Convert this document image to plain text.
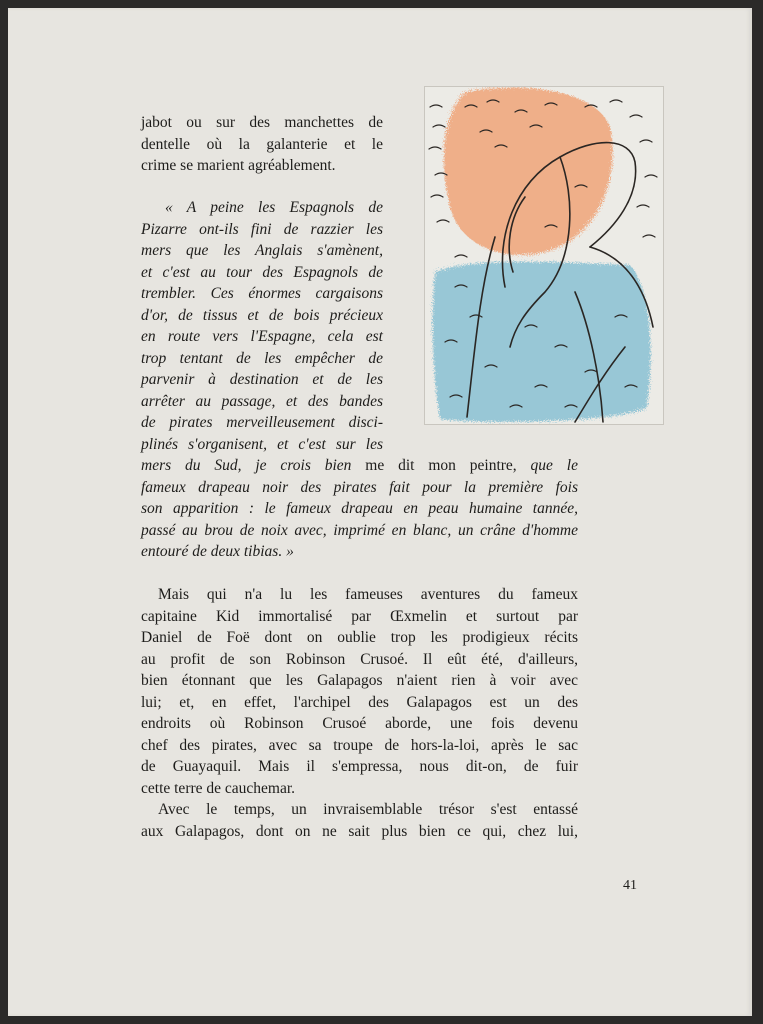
jabot ou sur des manchettes de
dentelle où la galanterie et le
crime se marient agréablement.
« A peine les Espagnols de
Pizarre ont-ils fini de razzier les
mers que les Anglais s'amènent,
et c'est au tour des Espagnols de
trembler. Ces énormes cargaisons
d'or, de tissus et de bois précieux
en route vers l'Espagne, cela est
trop tentant de les empêcher de
parvenir à destination et de les
arrêter au passage, et des bandes
de pirates merveilleusement disci-
plinés s'organisent, et c'est sur les
mers du Sud, je crois bien me dit mon peintre, que le
fameux drapeau noir des pirates fait pour la première fois
son apparition : le fameux drapeau en peau humaine tannée,
passé au brou de noix avec, imprimé en blanc, un crâne d'homme
entouré de deux tibias. »
Mais qui n'a lu les fameuses aventures du fameux
capitaine Kid immortalisé par Œxmelin et surtout par
Daniel de Foë dont on oublie trop les prodigieux récits
au profit de son Robinson Crusoé. Il eût été, d'ailleurs,
bien étonnant que les Galapagos n'aient rien à voir avec
lui; et, en effet, l'archipel des Galapagos est un des
endroits où Robinson Crusoé aborde, une fois devenu
chef des pirates, avec sa troupe de hors-la-loi, après le sac
de Guayaquil. Mais il s'empressa, nous dit-on, de fuir
cette terre de cauchemar.
Avec le temps, un invraisemblable trésor s'est entassé
aux Galapagos, dont on ne sait plus bien ce qui, chez lui,
41
